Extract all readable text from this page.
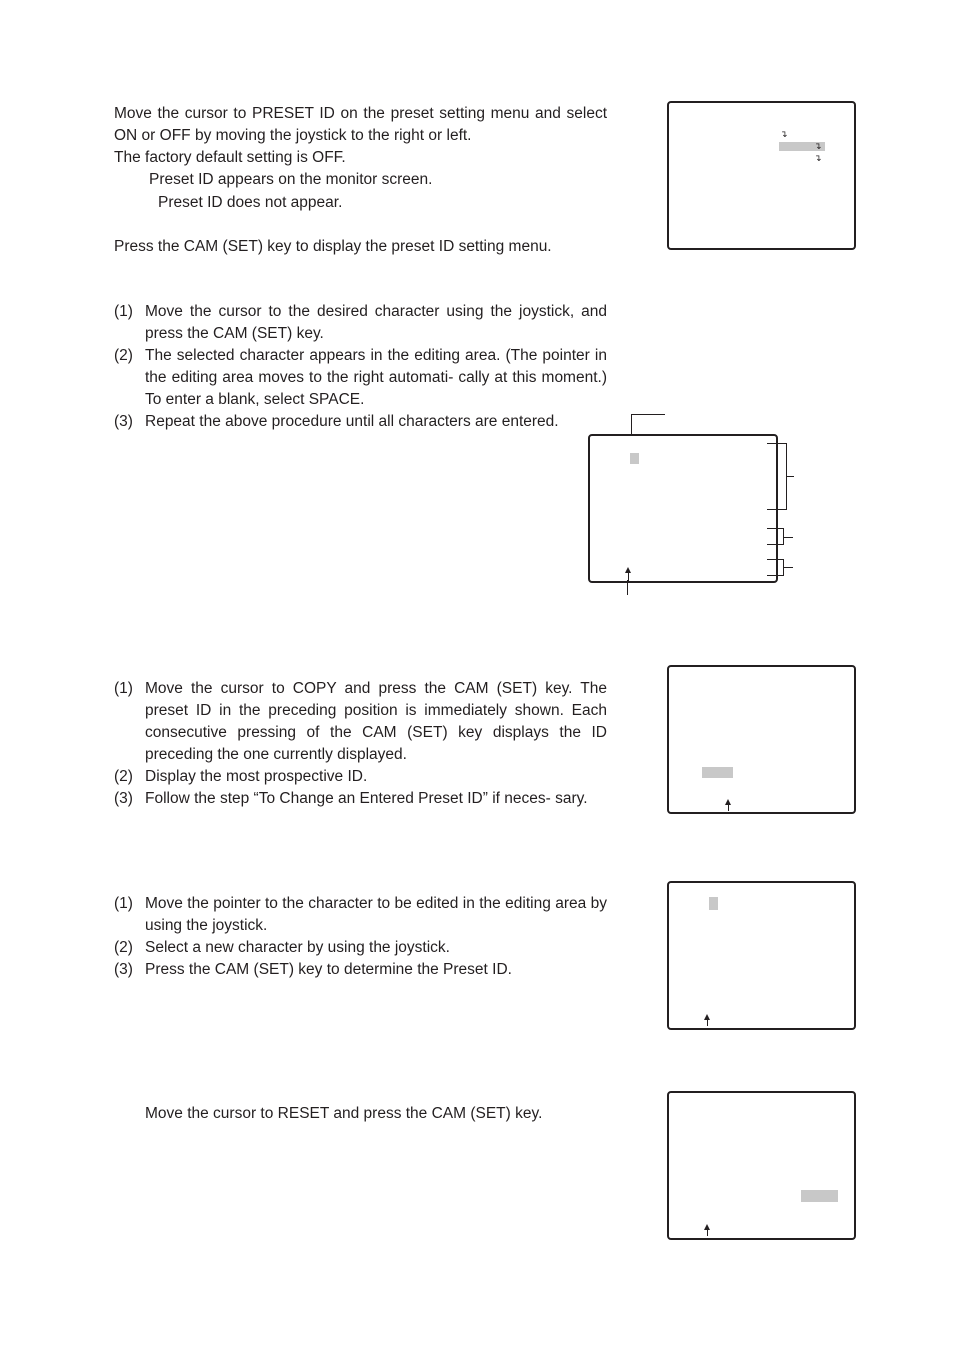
Move the cursor to PRESET ID on the preset setting menu and select ON or OFF by moving the joystick to the right or left.

The factory default setting is OFF.

Preset ID appears on the monitor screen.

Preset ID does not appear.

Press the CAM (SET) key to display the preset ID setting menu.

↴
↴
↴
(1) Move the cursor to the desired character using the joystick, and press the CAM (SET) key.
(2) The selected character appears in the editing area. (The pointer in the editing area moves to the right automati- cally at this moment.) To enter a blank, select SPACE.
(3) Repeat the above procedure until all characters are entered.
(1) Move the cursor to COPY and press the CAM (SET) key. The preset ID in the preceding position is immediately shown. Each consecutive pressing of the CAM (SET) key displays the ID preceding the one currently displayed.
(2) Display the most prospective ID.
(3) Follow the step “To Change an Entered Preset ID” if neces- sary.
(1) Move the pointer to the character to be edited in the editing area by using the joystick.
(2) Select a new character by using the joystick.
(3) Press the CAM (SET) key to determine the Preset ID.

Move the cursor to RESET and press the CAM (SET) key.
